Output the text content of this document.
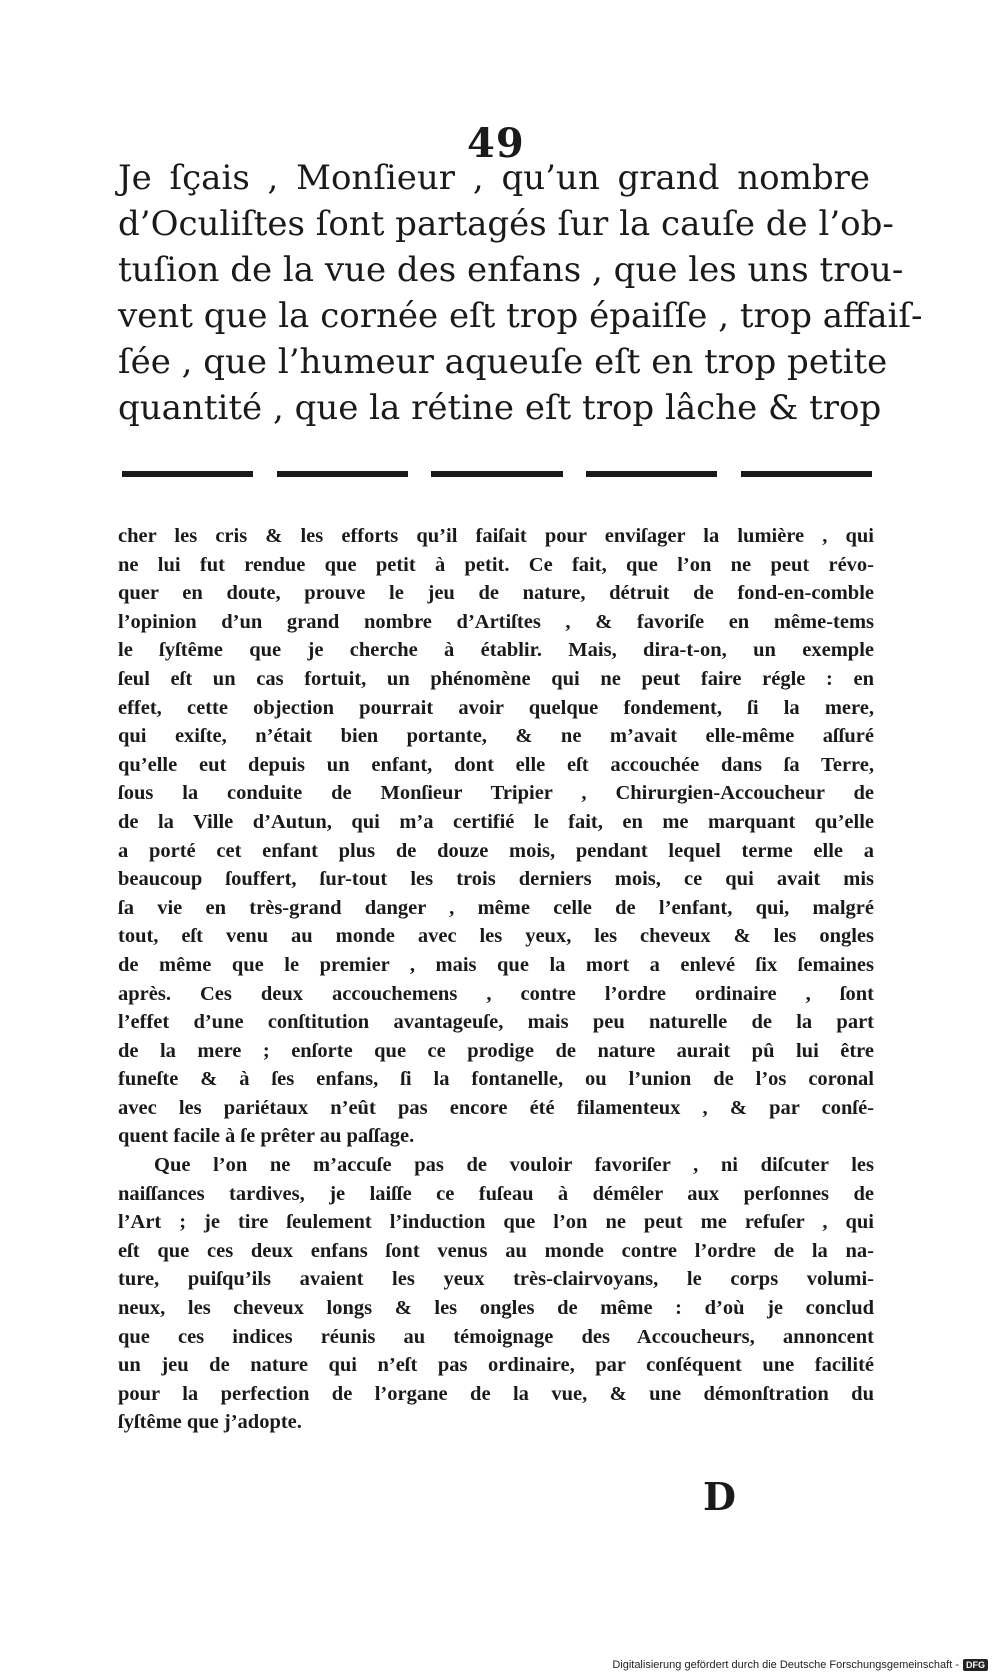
49
Je ſçais , Monſieur , qu’un grand nombre
d’Oculiſtes ſont partagés ſur la cauſe de l’ob-
tuſion de la vue des enfans , que les uns trou-
vent que la cornée eſt trop épaiſſe , trop affaiſ-
ſée , que l’humeur aqueuſe eſt en trop petite
quantité , que la rétine eſt trop lâche & trop
cher les cris & les efforts qu’il faiſait pour enviſager la lumière , qui
ne lui fut rendue que petit à petit. Ce fait, que l’on ne peut révo-
quer en doute, prouve le jeu de nature, détruit de fond-en-comble
l’opinion d’un grand nombre d’Artiſtes , & favoriſe en même-tems
le ſyſtême que je cherche à établir. Mais, dira-t-on, un exemple
ſeul eſt un cas fortuit, un phénomène qui ne peut faire régle : en
effet, cette objection pourrait avoir quelque fondement, ſi la mere,
qui exiſte, n’était bien portante, & ne m’avait elle-même aſſuré
qu’elle eut depuis un enfant, dont elle eſt accouchée dans ſa Terre,
ſous la conduite de Monſieur Tripier , Chirurgien-Accoucheur de
de la Ville d’Autun, qui m’a certifié le fait, en me marquant qu’elle
a porté cet enfant plus de douze mois, pendant lequel terme elle a
beaucoup ſouffert, ſur-tout les trois derniers mois, ce qui avait mis
ſa vie en très-grand danger , même celle de l’enfant, qui, malgré
tout, eſt venu au monde avec les yeux, les cheveux & les ongles
de même que le premier , mais que la mort a enlevé ſix ſemaines
après. Ces deux accouchemens , contre l’ordre ordinaire , ſont
l’effet d’une conſtitution avantageuſe, mais peu naturelle de la part
de la mere ; enſorte que ce prodige de nature aurait pû lui être
funeſte & à ſes enfans, ſi la fontanelle, ou l’union de l’os coronal
avec les pariétaux n’eût pas encore été filamenteux , & par conſé-
quent facile à ſe prêter au paſſage.
Que l’on ne m’accuſe pas de vouloir favoriſer , ni diſcuter les
naiſſances tardives, je laiſſe ce fuſeau à démêler aux perſonnes de
l’Art ; je tire ſeulement l’induction que l’on ne peut me refuſer , qui
eſt que ces deux enfans ſont venus au monde contre l’ordre de la na-
ture, puiſqu’ils avaient les yeux très-clairvoyans, le corps volumi-
neux, les cheveux longs & les ongles de même : d’où je conclud
que ces indices réunis au témoignage des Accoucheurs, annoncent
un jeu de nature qui n’eſt pas ordinaire, par conſéquent une facilité
pour la perfection de l’organe de la vue, & une démonſtration du
ſyſtême que j’adopte.
D
Digitalisierung gefördert durch die Deutsche Forschungsgemeinschaft - DFG
